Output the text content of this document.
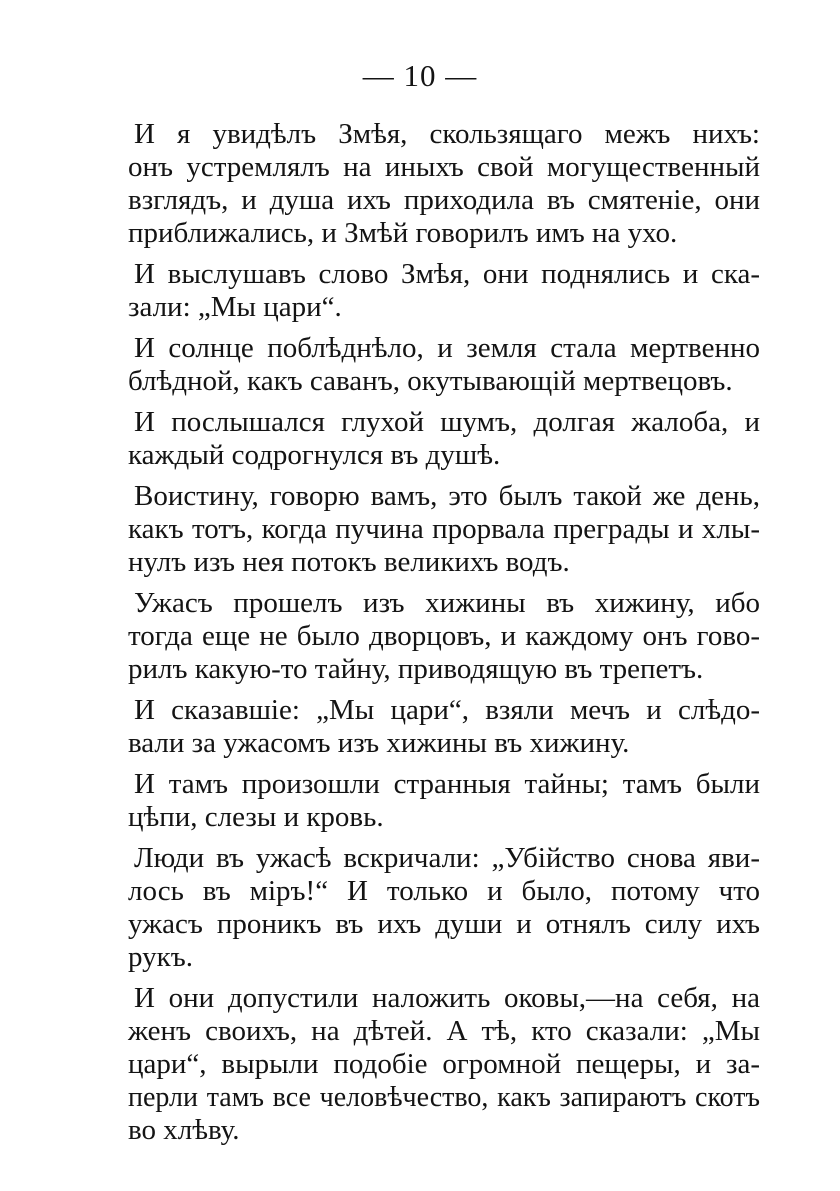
— 10 —
И я увидѣлъ Змѣя, скользящаго межъ нихъ:
онъ устремлялъ на иныхъ свой могущественный
взглядъ, и душа ихъ приходила въ смятеніе, они
приближались, и Змѣй говорилъ имъ на ухо.
И выслушавъ слово Змѣя, они поднялись и ска-
зали: „Мы цари“.
И солнце поблѣднѣло, и земля стала мертвенно
блѣдной, какъ саванъ, окутывающій мертвецовъ.
И послышался глухой шумъ, долгая жалоба, и
каждый содрогнулся въ душѣ.
Воистину, говорю вамъ, это былъ такой же день,
какъ тотъ, когда пучина прорвала преграды и хлы-
нулъ изъ нея потокъ великихъ водъ.
Ужасъ прошелъ изъ хижины въ хижину, ибо
тогда еще не было дворцовъ, и каждому онъ гово-
рилъ какую-то тайну, приводящую въ трепетъ.
И сказавшіе: „Мы цари“, взяли мечъ и слѣдо-
вали за ужасомъ изъ хижины въ хижину.
И тамъ произошли странныя тайны; тамъ были
цѣпи, слезы и кровь.
Люди въ ужасѣ вскричали: „Убійство снова яви-
лось въ міръ!“ И только и было, потому что
ужасъ проникъ въ ихъ души и отнялъ силу ихъ
рукъ.
И они допустили наложить оковы,—на себя, на
женъ своихъ, на дѣтей. А тѣ, кто сказали: „Мы
цари“, вырыли подобіе огромной пещеры, и за-
перли тамъ все человѣчество, какъ запираютъ скотъ
во хлѣву.
